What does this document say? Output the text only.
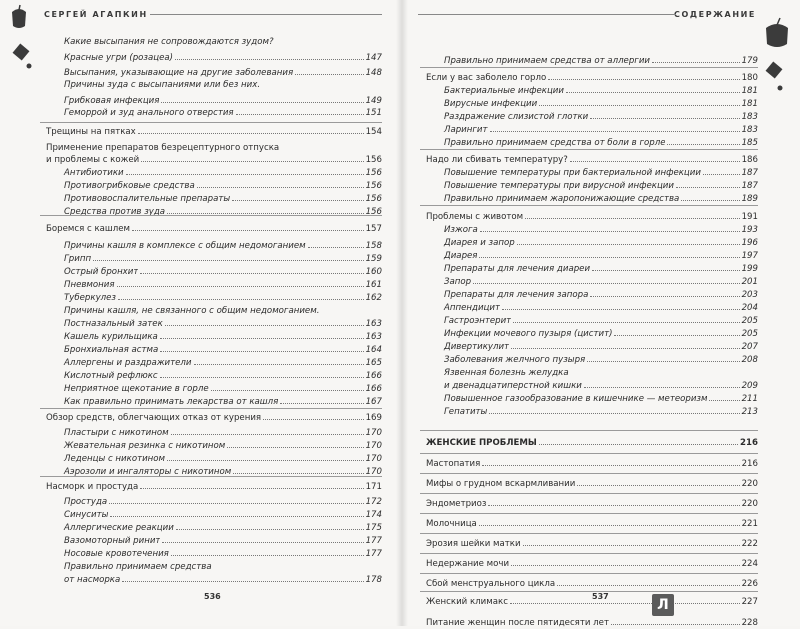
СЕРГЕЙ АГАПКИН	СОДЕРЖАНИЕ
Какие высыпания не сопровождаются зудом?
Красные угри (розацеа)	147
Высыпания, указывающие на другие заболевания	148
Причины зуда с высыпаниями или без них.
Грибковая инфекция	149
Геморрой и зуд анального отверстия	151
Трещины на пятках	154
Применение препаратов безрецептурного отпуска
и проблемы с кожей	156
Антибиотики	156
Противогрибковые средства	156
Противовоспалительные препараты	156
Средства против зуда	156
Боремся с кашлем	157
Причины кашля в комплексе с общим недомоганием	158
Грипп	159
Острый бронхит	160
Пневмония	161
Туберкулез	162
Причины кашля, не связанного с общим недомоганием.
Постназальный затек	163
Кашель курильщика	163
Бронхиальная астма	164
Аллергены и раздражители	165
Кислотный рефлюкс	166
Неприятное щекотание в горле	166
Как правильно принимать лекарства от кашля	167
Обзор средств, облегчающих отказ от курения	169
Пластыри с никотином	170
Жевательная резинка с никотином	170
Леденцы с никотином	170
Аэрозоли и ингаляторы с никотином	170
Насморк и простуда	171
Простуда	172
Синуситы	174
Аллергические реакции	175
Вазомоторный ринит	177
Носовые кровотечения	177
Правильно принимаем средства
от насморка	178
Правильно принимаем средства от аллергии	179
Если у вас заболело горло	180
Бактериальные инфекции	181
Вирусные инфекции	181
Раздражение слизистой глотки	183
Ларингит	183
Правильно принимаем средства от боли в горле	185
Надо ли сбивать температуру?	186
Повышение температуры при бактериальной инфекции	187
Повышение температуры при вирусной инфекции	187
Правильно принимаем жаропонижающие средства	189
Проблемы с животом	191
Изжога	193
Диарея и запор	196
Диарея	197
Препараты для лечения диареи	199
Запор	201
Препараты для лечения запора	203
Аппендицит	204
Гастроэнтерит	205
Инфекции мочевого пузыря (цистит)	205
Дивертикулит	207
Заболевания желчного пузыря	208
Язвенная болезнь желудка
и двенадцатиперстной кишки	209
Повышенное газообразование в кишечнике — метеоризм	211
Гепатиты	213
ЖЕНСКИЕ ПРОБЛЕМЫ	216
Мастопатия	216
Мифы о грудном вскармливании	220
Эндометриоз	220
Молочница	221
Эрозия шейки матки	222
Недержание мочи	224
Сбой менструального цикла	226
Женский климакс	227
Питание женщин после пятидесяти лет	228
536	537
Л
